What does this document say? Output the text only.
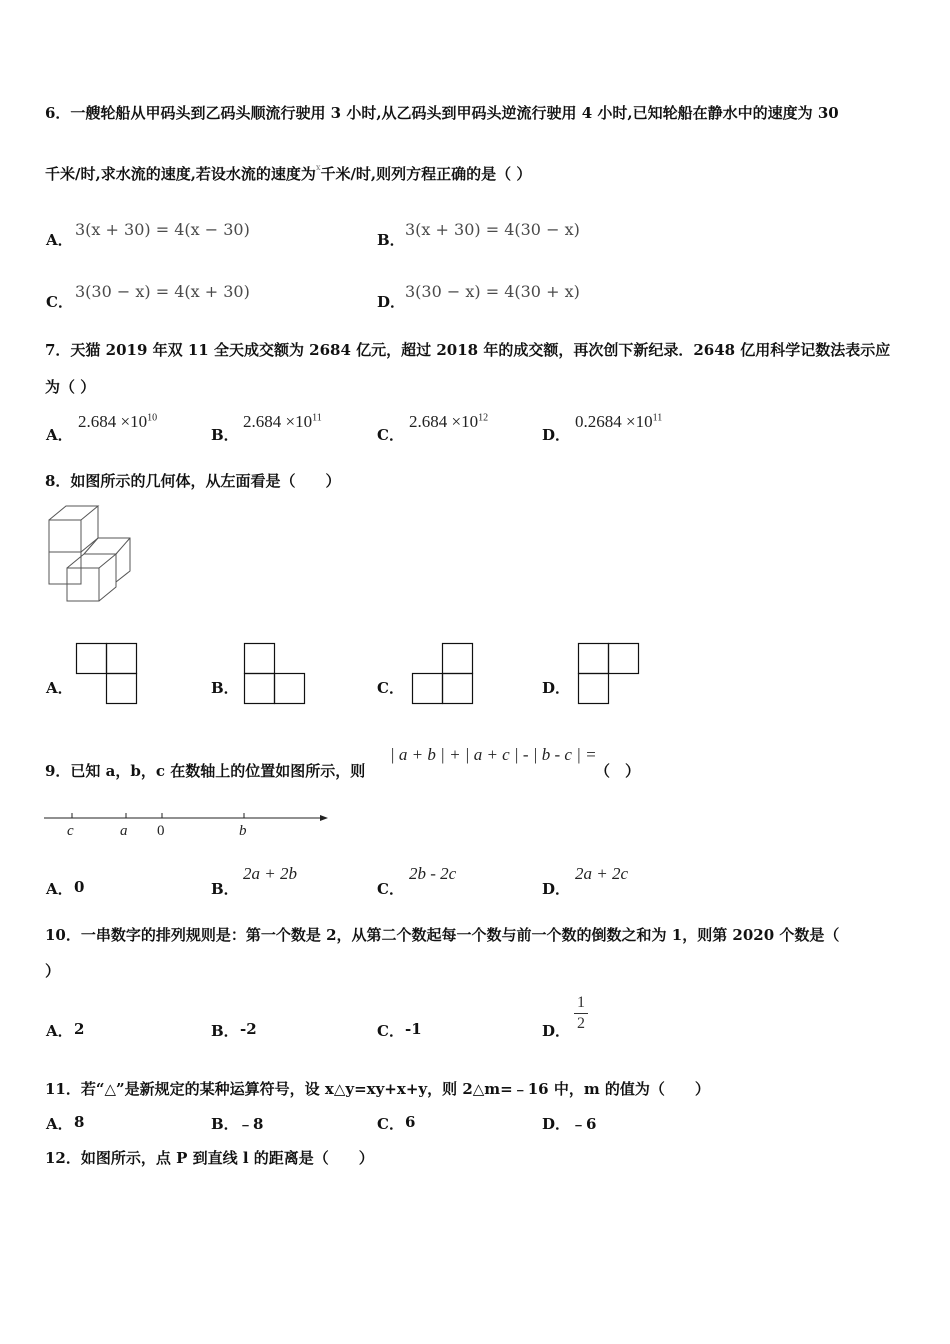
6．一艘轮船从甲码头到乙码头顺流行驶用 3 小时,从乙码头到甲码头逆流行驶用 4 小时,已知轮船在静水中的速度为 30
千米/时,求水流的速度,若设水流的速度为$^x$千米/时,则列方程正确的是（ ）
A．
3(x + 30) = 4(x − 30)
B．
3(x + 30) = 4(30 − x)
C．
3(30 − x) = 4(x + 30)
D．
3(30 − x) = 4(30 + x)
7．天猫 2019 年双 11 全天成交额为 2684 亿元，超过 2018 年的成交额，再次创下新纪录．2648 亿用科学记数法表示应
为（ ）
A．
$2.684 \times 10^{10}$
B．
$2.684 \times 10^{11}$
C．
$2.684 \times 10^{12}$
D．
$0.2684 \times 10^{11}$
8．如图所示的几何体，从左面看是（　　）
A．	B．	C．	D．
9．已知 a，b，c 在数轴上的位置如图所示，则
| a + b | + | a + c | - | b - c | =
（　）
c	a 0	b
A． 0	B．
2a + 2b
C．
2b - 2c
D．
2a + 2c
10．一串数字的排列规则是：第一个数是 2，从第二个数起每一个数与前一个数的倒数之和为 1，则第 2020 个数是（
）
A． 2	B． -2	C． -1	D．
1
2
11．若“△”是新规定的某种运算符号，设 x△y=xy+x+y，则 2△m=﹣16 中，m 的值为（　　）
A． 8	B． ﹣8	C． 6	D． ﹣6
12．如图所示，点 P 到直线 l 的距离是（　　）
